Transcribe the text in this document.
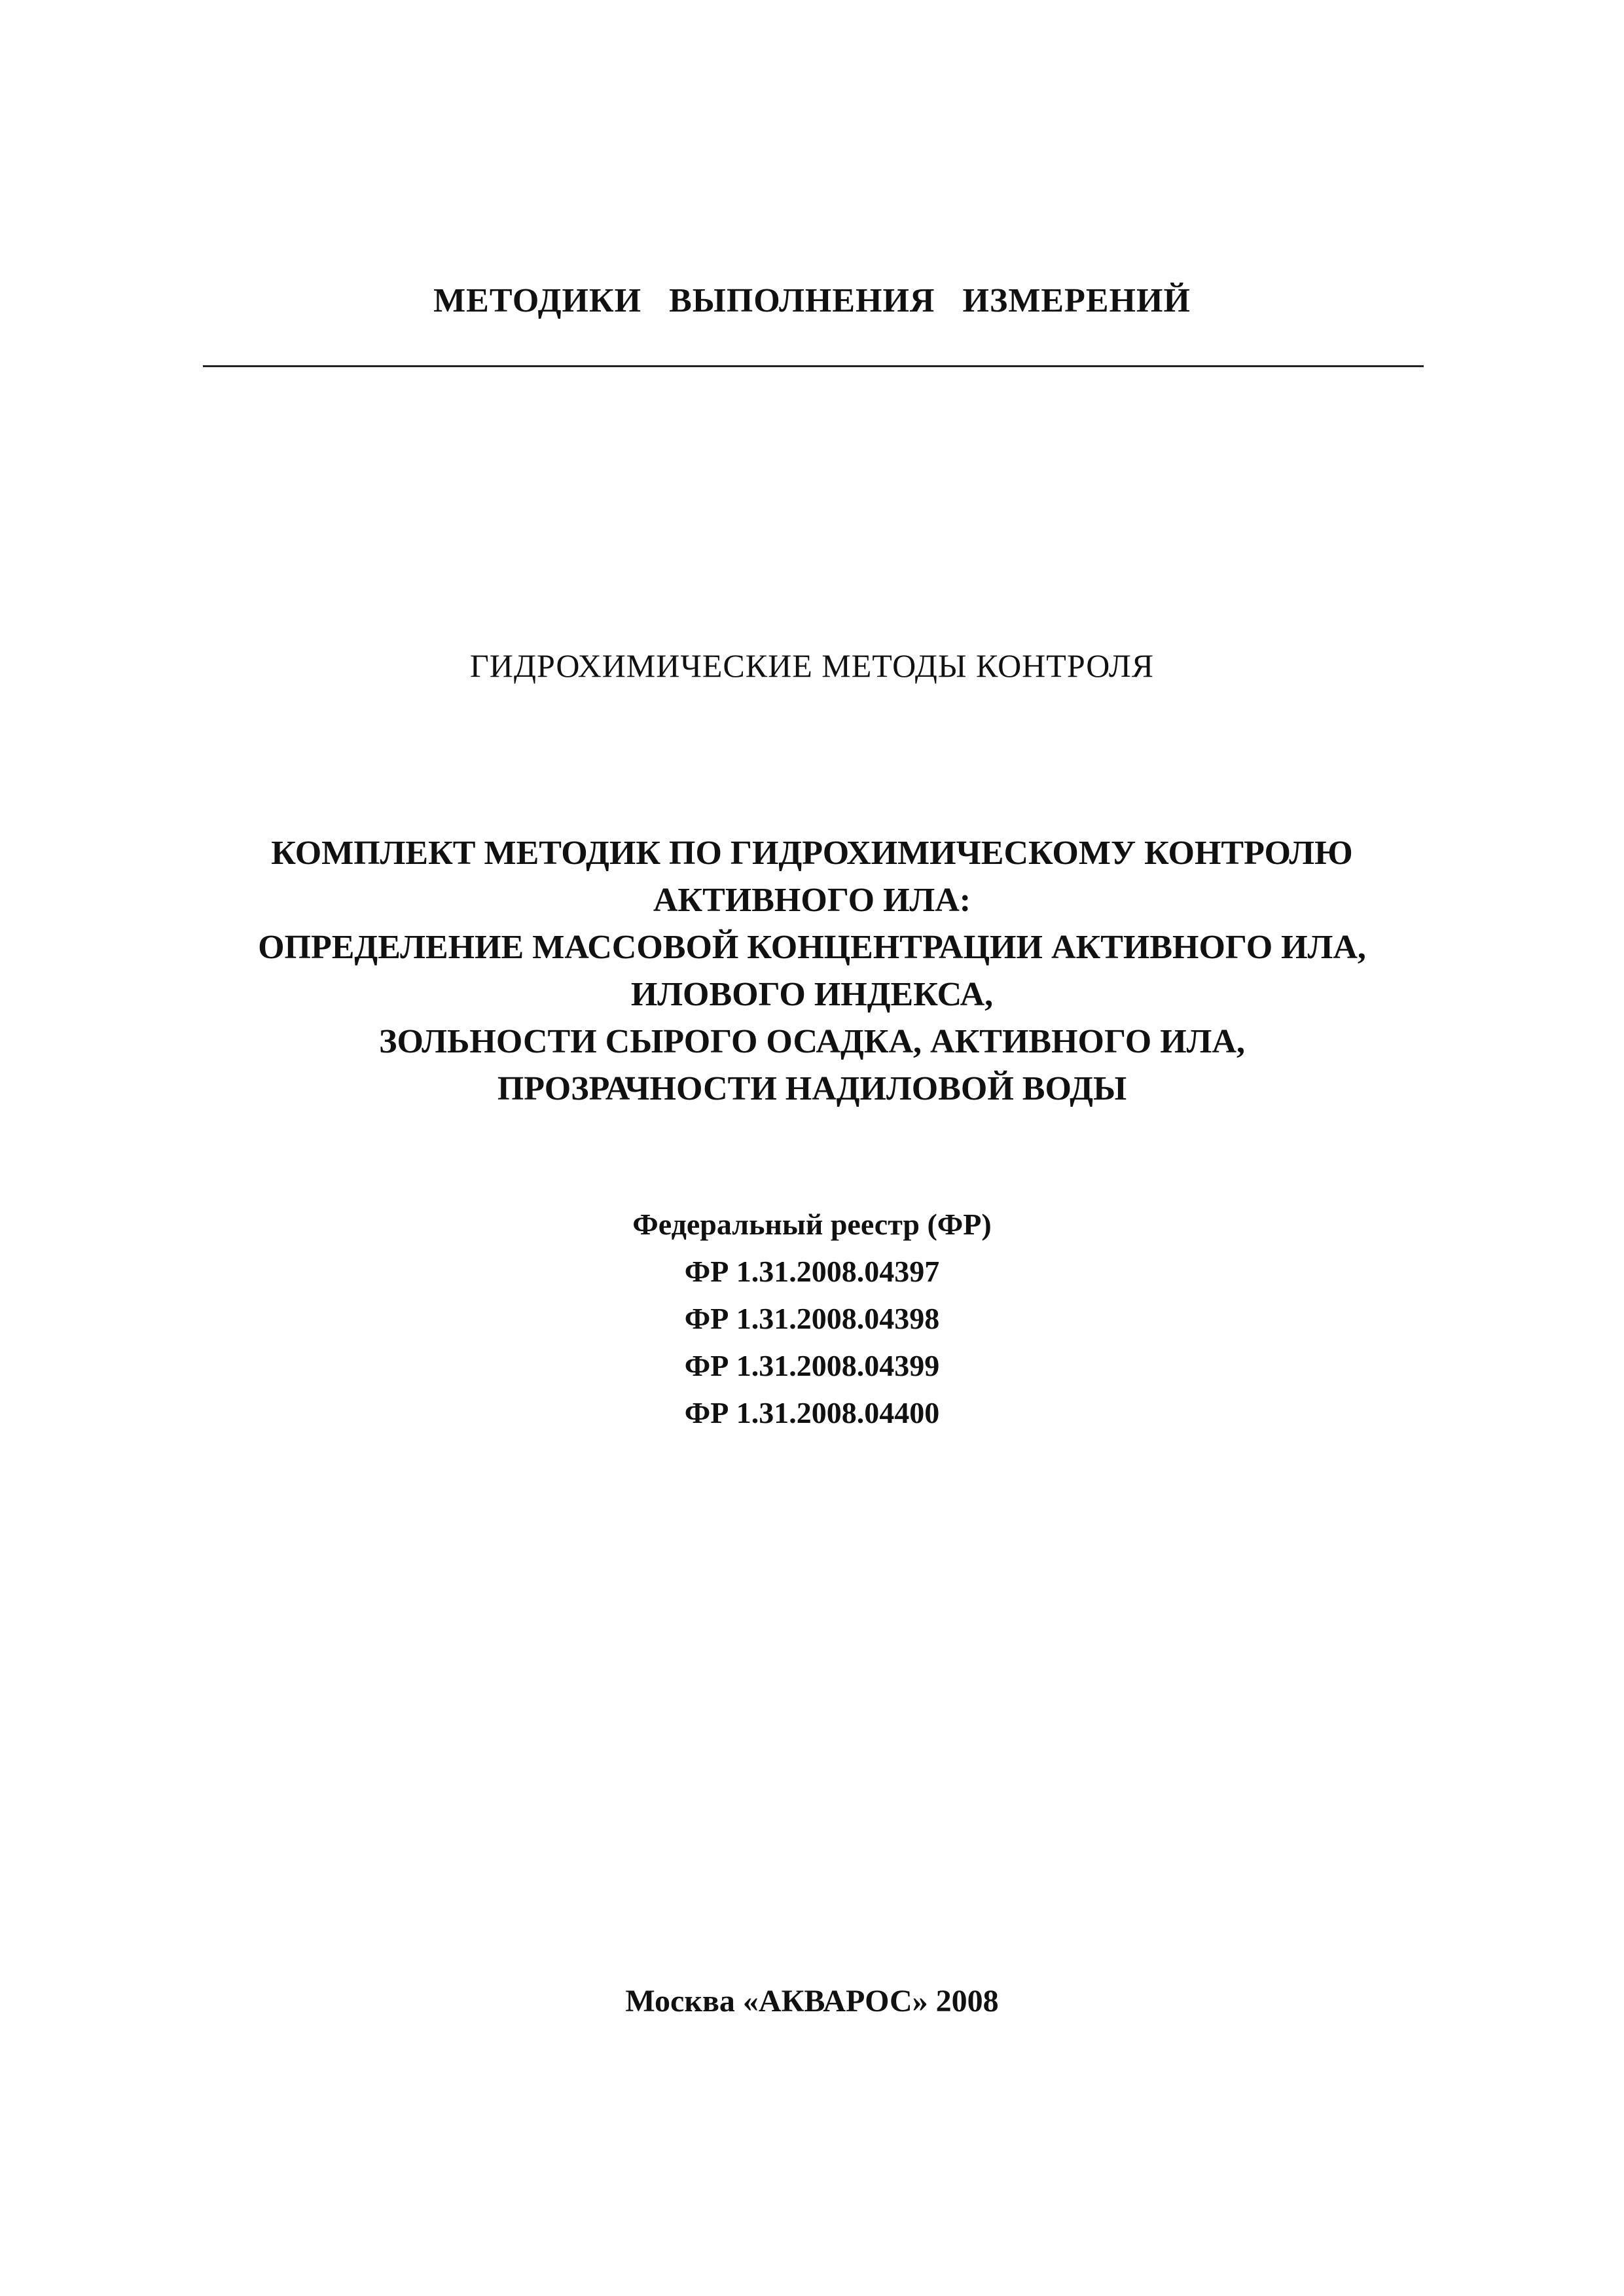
МЕТОДИКИ ВЫПОЛНЕНИЯ ИЗМЕРЕНИЙ
ГИДРОХИМИЧЕСКИЕ МЕТОДЫ КОНТРОЛЯ
КОМПЛЕКТ МЕТОДИК ПО ГИДРОХИМИЧЕСКОМУ КОНТРОЛЮ
АКТИВНОГО ИЛА:
ОПРЕДЕЛЕНИЕ МАССОВОЙ КОНЦЕНТРАЦИИ АКТИВНОГО ИЛА,
ИЛОВОГО ИНДЕКСА,
ЗОЛЬНОСТИ СЫРОГО ОСАДКА, АКТИВНОГО ИЛА,
ПРОЗРАЧНОСТИ НАДИЛОВОЙ ВОДЫ
Федеральный реестр (ФР)
ФР 1.31.2008.04397
ФР 1.31.2008.04398
ФР 1.31.2008.04399
ФР 1.31.2008.04400
Москва «АКВАРОС» 2008
